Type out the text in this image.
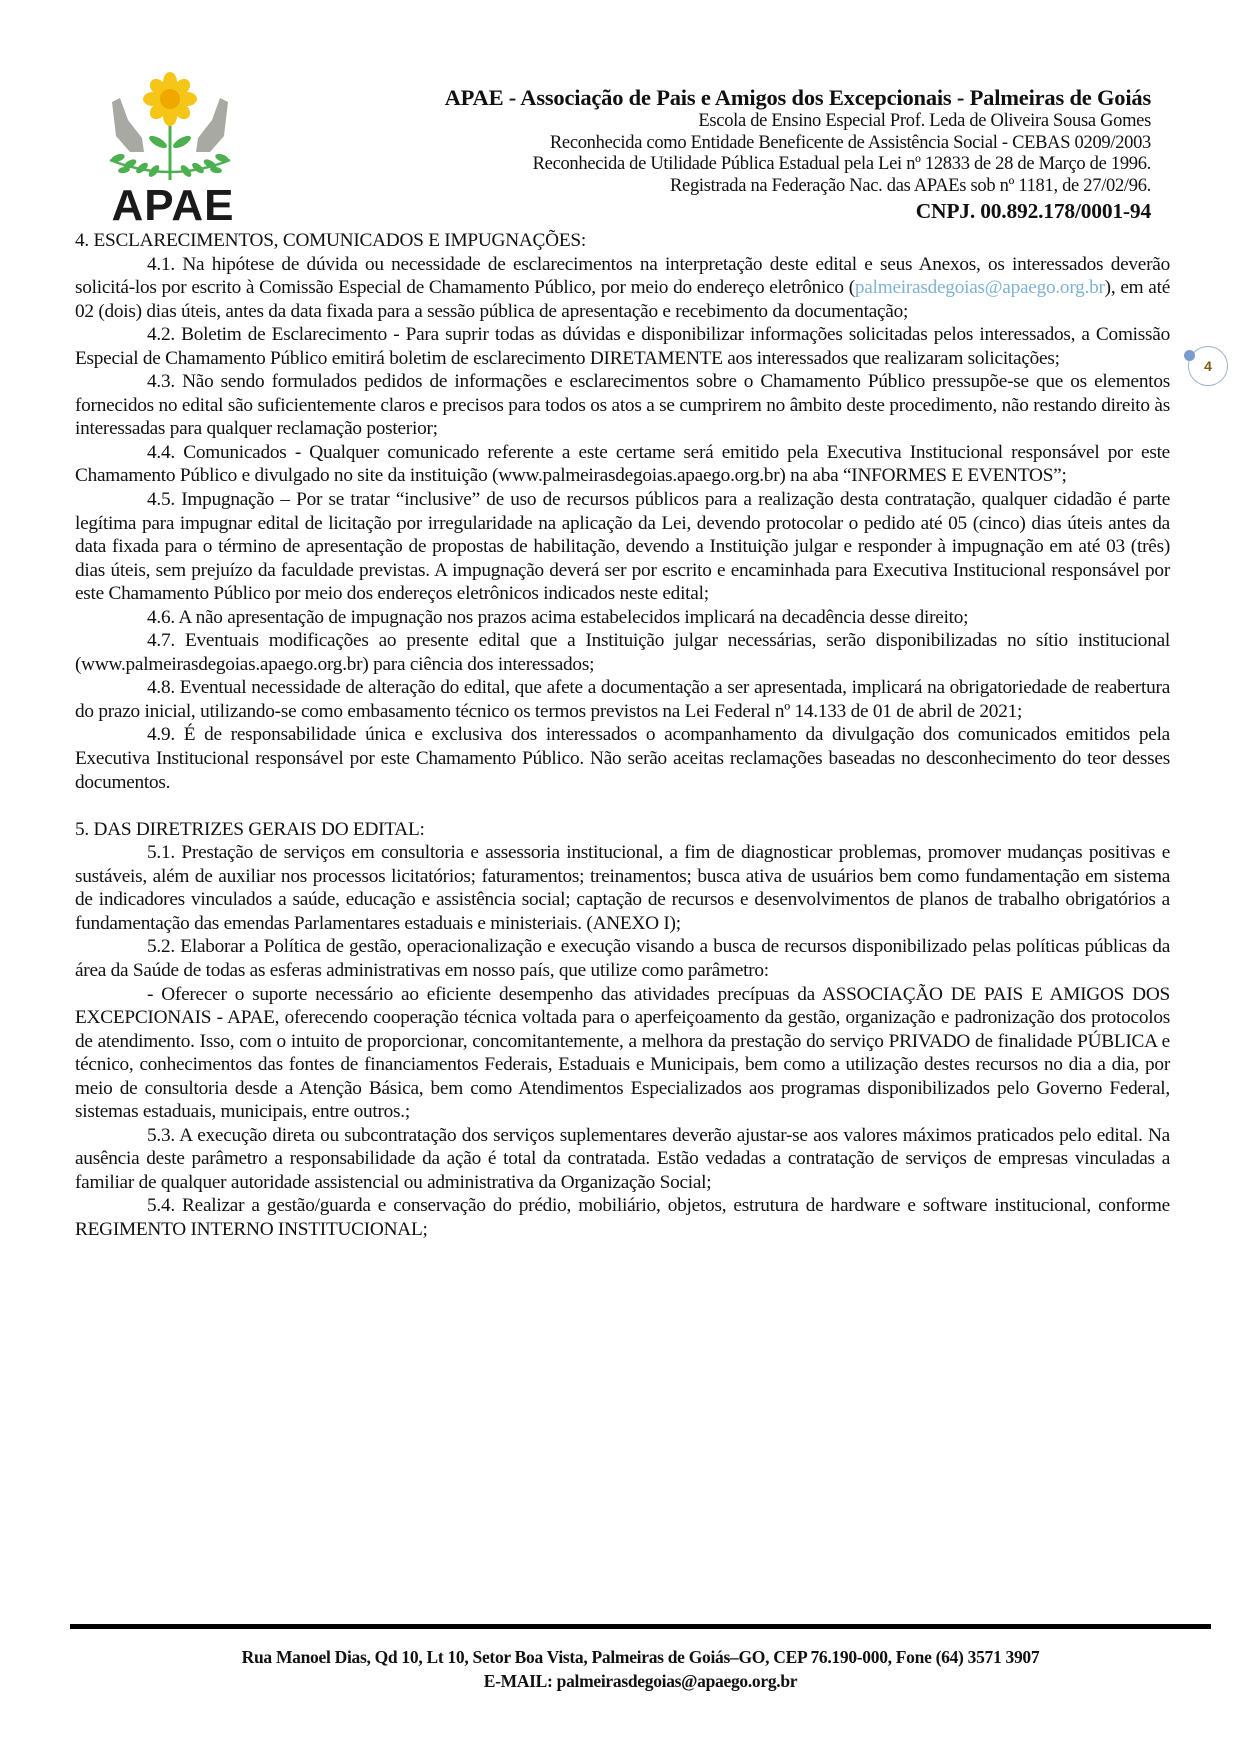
APAE
APAE - Associação de Pais e Amigos dos Excepcionais - Palmeiras de Goiás
Escola de Ensino Especial Prof. Leda de Oliveira Sousa Gomes
Reconhecida como Entidade Beneficente de Assistência Social - CEBAS 0209/2003
Reconhecida de Utilidade Pública Estadual pela Lei nº 12833 de 28 de Março de 1996.
Registrada na Federação Nac. das APAEs sob nº 1181, de 27/02/96.
CNPJ. 00.892.178/0001-94
4

4. ESCLARECIMENTOS, COMUNICADOS E IMPUGNAÇÕES:

4.1. Na hipótese de dúvida ou necessidade de esclarecimentos na interpretação deste edital e seus Anexos, os interessados deverão solicitá-los por escrito à Comissão Especial de Chamamento Público, por meio do endereço eletrônico (palmeirasdegoias@apaego.org.br), em até 02 (dois) dias úteis, antes da data fixada para a sessão pública de apresentação e recebimento da documentação;

4.2. Boletim de Esclarecimento - Para suprir todas as dúvidas e disponibilizar informações solicitadas pelos interessados, a Comissão Especial de Chamamento Público emitirá boletim de esclarecimento DIRETAMENTE aos interessados que realizaram solicitações;

4.3. Não sendo formulados pedidos de informações e esclarecimentos sobre o Chamamento Público pressupõe-se que os elementos fornecidos no edital são suficientemente claros e precisos para todos os atos a se cumprirem no âmbito deste procedimento, não restando direito às interessadas para qualquer reclamação posterior;

4.4. Comunicados - Qualquer comunicado referente a este certame será emitido pela Executiva Institucional responsável por este Chamamento Público e divulgado no site da instituição (www.palmeirasdegoias.apaego.org.br) na aba “INFORMES E EVENTOS”;

4.5. Impugnação – Por se tratar “inclusive” de uso de recursos públicos para a realização desta contratação, qualquer cidadão é parte legítima para impugnar edital de licitação por irregularidade na aplicação da Lei, devendo protocolar o pedido até 05 (cinco) dias úteis antes da data fixada para o término de apresentação de propostas de habilitação, devendo a Instituição julgar e responder à impugnação em até 03 (três) dias úteis, sem prejuízo da faculdade previstas. A impugnação deverá ser por escrito e encaminhada para Executiva Institucional responsável por este Chamamento Público por meio dos endereços eletrônicos indicados neste edital;

4.6. A não apresentação de impugnação nos prazos acima estabelecidos implicará na decadência desse direito;

4.7. Eventuais modificações ao presente edital que a Instituição julgar necessárias, serão disponibilizadas no sítio institucional (www.palmeirasdegoias.apaego.org.br) para ciência dos interessados;

4.8. Eventual necessidade de alteração do edital, que afete a documentação a ser apresentada, implicará na obrigatoriedade de reabertura do prazo inicial, utilizando-se como embasamento técnico os termos previstos na Lei Federal nº 14.133 de 01 de abril de 2021;

4.9. É de responsabilidade única e exclusiva dos interessados o acompanhamento da divulgação dos comunicados emitidos pela Executiva Institucional responsável por este Chamamento Público. Não serão aceitas reclamações baseadas no desconhecimento do teor desses documentos.

5. DAS DIRETRIZES GERAIS DO EDITAL:

5.1. Prestação de serviços em consultoria e assessoria institucional, a fim de diagnosticar problemas, promover mudanças positivas e sustáveis, além de auxiliar nos processos licitatórios; faturamentos; treinamentos; busca ativa de usuários bem como fundamentação em sistema de indicadores vinculados a saúde, educação e assistência social; captação de recursos e desenvolvimentos de planos de trabalho obrigatórios a fundamentação das emendas Parlamentares estaduais e ministeriais. (ANEXO I);

5.2. Elaborar a Política de gestão, operacionalização e execução visando a busca de recursos disponibilizado pelas políticas públicas da área da Saúde de todas as esferas administrativas em nosso país, que utilize como parâmetro:

- Oferecer o suporte necessário ao eficiente desempenho das atividades precípuas da ASSOCIAÇÃO DE PAIS E AMIGOS DOS EXCEPCIONAIS - APAE, oferecendo cooperação técnica voltada para o aperfeiçoamento da gestão, organização e padronização dos protocolos de atendimento. Isso, com o intuito de proporcionar, concomitantemente, a melhora da prestação do serviço PRIVADO de finalidade PÚBLICA e técnico, conhecimentos das fontes de financiamentos Federais, Estaduais e Municipais, bem como a utilização destes recursos no dia a dia, por meio de consultoria desde a Atenção Básica, bem como Atendimentos Especializados aos programas disponibilizados pelo Governo Federal, sistemas estaduais, municipais, entre outros.;

5.3. A execução direta ou subcontratação dos serviços suplementares deverão ajustar-se aos valores máximos praticados pelo edital. Na ausência deste parâmetro a responsabilidade da ação é total da contratada. Estão vedadas a contratação de serviços de empresas vinculadas a familiar de qualquer autoridade assistencial ou administrativa da Organização Social;

5.4. Realizar a gestão/guarda e conservação do prédio, mobiliário, objetos, estrutura de hardware e software institucional, conforme REGIMENTO INTERNO INSTITUCIONAL;

Rua Manoel Dias, Qd 10, Lt 10, Setor Boa Vista, Palmeiras de Goiás–GO, CEP 76.190-000, Fone (64) 3571 3907
E-MAIL: palmeirasdegoias@apaego.org.br
